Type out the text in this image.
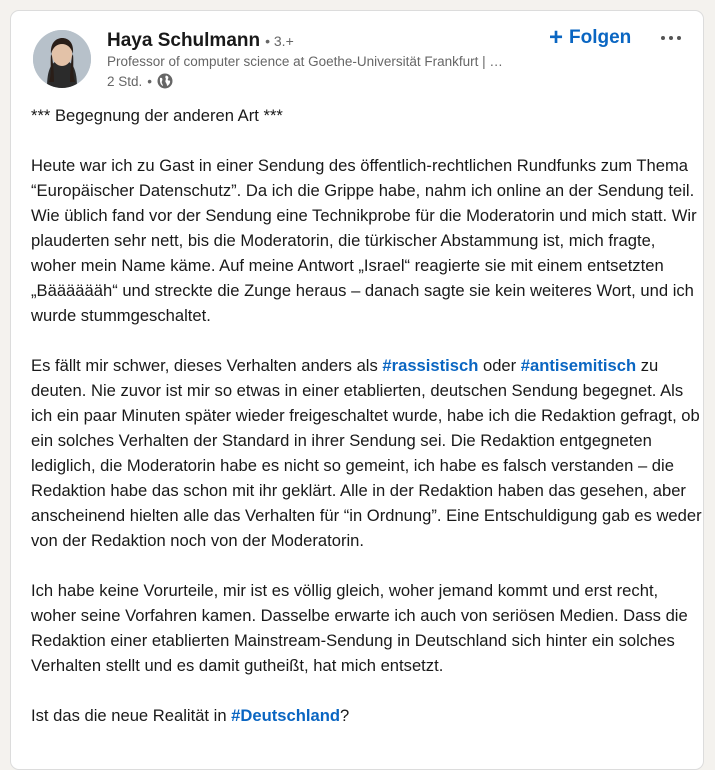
Haya Schulmann • 3.+
Professor of computer science at Goethe-Universität Frankfurt | …
2 Std. •
+ Folgen

*** Begegnung der anderen Art ***

Heute war ich zu Gast in einer Sendung des öffentlich-rechtlichen Rundfunks zum Thema “Europäischer Datenschutz”. Da ich die Grippe habe, nahm ich online an der Sendung teil. Wie üblich fand vor der Sendung eine Technikprobe für die Moderatorin und mich statt. Wir plauderten sehr nett, bis die Moderatorin, die türkischer Abstammung ist, mich fragte, woher mein Name käme. Auf meine Antwort „Israel“ reagierte sie mit einem entsetzten „Bääääääh“ und streckte die Zunge heraus – danach sagte sie kein weiteres Wort, und ich wurde stummgeschaltet.

Es fällt mir schwer, dieses Verhalten anders als #rassistisch oder #antisemitisch zu deuten. Nie zuvor ist mir so etwas in einer etablierten, deutschen Sendung begegnet. Als ich ein paar Minuten später wieder freigeschaltet wurde, habe ich die Redaktion gefragt, ob ein solches Verhalten der Standard in ihrer Sendung sei. Die Redaktion entgegneten lediglich, die Moderatorin habe es nicht so gemeint, ich habe es falsch verstanden – die Redaktion habe das schon mit ihr geklärt. Alle in der Redaktion haben das gesehen, aber anscheinend hielten alle das Verhalten für “in Ordnung”. Eine Entschuldigung gab es weder von der Redaktion noch von der Moderatorin.

Ich habe keine Vorurteile, mir ist es völlig gleich, woher jemand kommt und erst recht, woher seine Vorfahren kamen. Dasselbe erwarte ich auch von seriösen Medien. Dass die Redaktion einer etablierten Mainstream-Sendung in Deutschland sich hinter ein solches Verhalten stellt und es damit gutheißt, hat mich entsetzt.

Ist das die neue Realität in #Deutschland?
